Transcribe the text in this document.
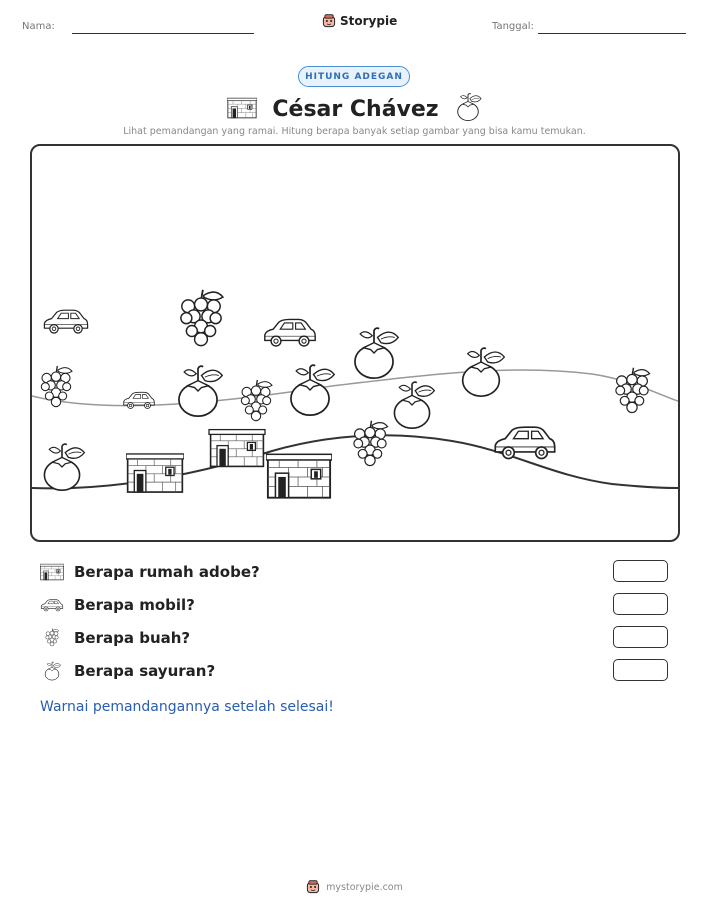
Nama:	Storypie	Tanggal:
HITUNG ADEGAN
César Chávez
Lihat pemandangan yang ramai. Hitung berapa banyak setiap gambar yang bisa kamu temukan.
Berapa rumah adobe?
Berapa mobil?
Berapa buah?
Berapa sayuran?
Warnai pemandangannya setelah selesai!
mystorypie.com
